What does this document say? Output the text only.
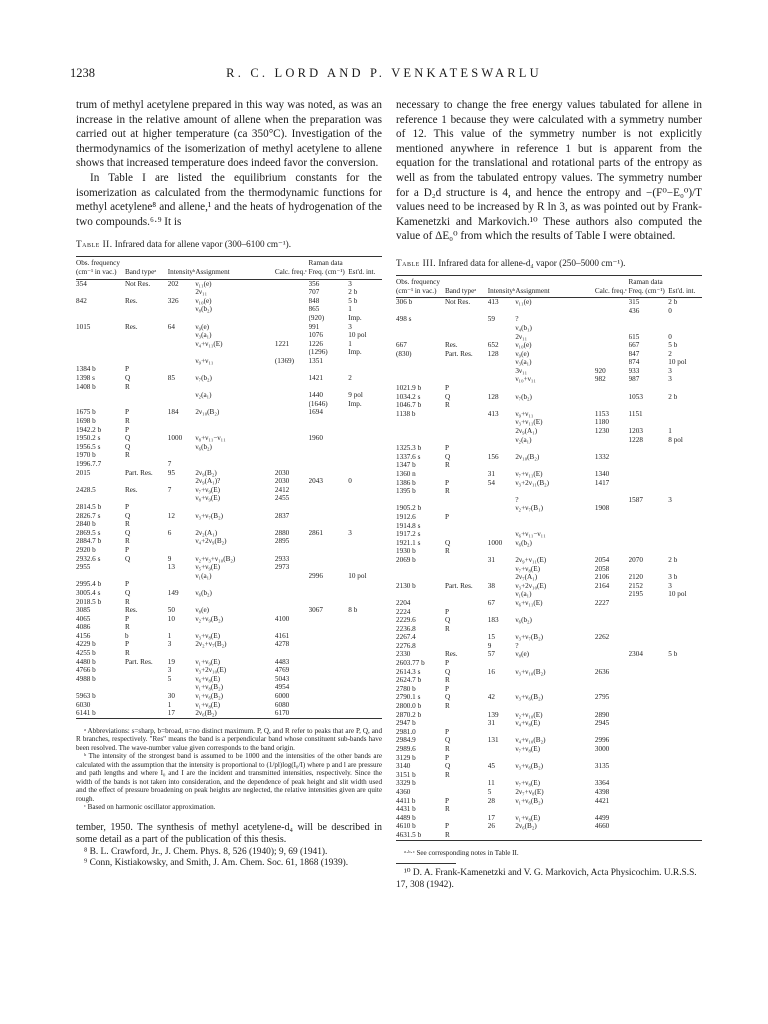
1238	R. C. LORD AND P. VENKATESWARLU

trum of methyl acetylene prepared in this way was noted, as was an increase in the relative amount of allene when the preparation was carried out at higher temperature (ca 350°C). Investigation of the thermodynamics of the isomerization of methyl acetylene to allene shows that increased temperature does indeed favor the conversion.

In Table I are listed the equilibrium constants for the isomerization as calculated from the thermodynamic functions for methyl acetylene⁸ and allene,¹ and the heats of hydrogenation of the two compounds.⁶·⁹ It is

Table II. Infrared data for allene vapor (300–6100 cm⁻¹).
Obs. frequency (cm⁻¹ in vac.)	Band typeᵃ	Intensityᵇ	Assignment	Calc. freq.ᶜ	Raman data Freq. (cm⁻¹)	Est'd. int.
354	Not Res.	202	ν₁₁(e)		356	3
			2ν₁₁		707	2 b
842	Res.	326	ν₁₀(e)		848	5 b
			ν₈(b₂)		865	1
					(920)	Imp.
1015	Res.	64	ν₉(e)		991	3
			ν₃(a₁)		1076	10 pol
			ν₄+ν₁₁(E)	1221	1226	1
					(1296)	Imp.
			ν₉+ν₁₁	(1369)	1351	
1384 b	P					
1398 s	Q	85	ν₇(b₂)		1421	2
1408 b	R					
			ν₂(a₁)		1440	9 pol
					(1646)	Imp.
1675 b	P	184	2ν₁₀(B₂)		1694	
1698 b	R					
1942.2 b	P					
1950.2 s	Q	1000	ν₈+ν₁₁−ν₁₁		1960	
1956.5 s	Q		ν₆(b₂)			
1970 b	R					
1996.7.7		7				
2015	Part. Res.	95	2ν₉(B₂)	2030		
			2ν₉(A₁)?	2030	2043	0
2428.5	Res.	7	ν₇+ν₉(E)	2412		
			ν₈+ν₉(E)	2455		
2814.5 b	P					
2826.7 s	Q	12	ν₃+ν₇(B₂)	2837		
2840 b	R					
2869.5 s	Q	6	2ν₂(A₁)	2880	2861	3
2884.7 b	R		ν₄+2ν₉(B₂)	2895		
2920 b	P					
2932.6 s	Q	9	ν₂+ν₃+ν₁₀(B₂)	2933		
2955		13	ν₅+ν₉(E)	2973		
			ν₁(a₁)		2996	10 pol
2995.4 b	P					
3005.4 s	Q	149	ν₆(b₂)			
2018.5 b	R					
3085	Res.	50	ν₈(e)		3067	8 b
4065	P	10	ν₂+ν₉(B₂)	4100		
4086	R					
4156	b	1	ν₃+ν₈(E)	4161		
4229 b	P	3	2ν₂+ν₇(B₂)	4278		
4255 b	R					
4480 b	Part. Res.	19	ν₁+ν₉(E)	4483		
4766 b		3	ν₃+2ν₁₀(E)	4769		
4988 b		5	ν₆+ν₈(E)	5043		
			ν₁+ν₈(B₂)	4954		
5963 b		30	ν₁+ν₆(B₂)	6000		
6030		1	ν₁+ν₈(E)	6080		
6141 b		17	2ν₆(B₂)	6170		

ᵃ Abbreviations: s=sharp, b=broad, n=no distinct maximum. P, Q, and R refer to peaks that are P, Q, and R branches, respectively. "Res" means the band is a perpendicular band whose constituent sub-bands have been resolved. The wave-number value given corresponds to the band origin.

ᵇ The intensity of the strongest band is assumed to be 1000 and the intensities of the other bands are calculated with the assumption that the intensity is proportional to (1/pl)log(I₀/I) where p and l are pressure and path lengths and where I₀ and I are the incident and transmitted intensities, respectively. Since the width of the bands is not taken into consideration, and the dependence of peak height and slit width used and the effect of pressure broadening on peak heights are neglected, the relative intensities given are quite rough.

ᶜ Based on harmonic oscillator approximation.

tember, 1950. The synthesis of methyl acetylene-d₄ will be described in some detail as a part of the publication of this thesis.

⁸ B. L. Crawford, Jr., J. Chem. Phys. 8, 526 (1940); 9, 69 (1941).

⁹ Conn, Kistiakowsky, and Smith, J. Am. Chem. Soc. 61, 1868 (1939).

necessary to change the free energy values tabulated for allene in reference 1 because they were calculated with a symmetry number of 12. This value of the symmetry number is not explicitly mentioned anywhere in reference 1 but is apparent from the equation for the translational and rotational parts of the entropy as well as from the tabulated entropy values. The symmetry number for a D₂d structure is 4, and hence the entropy and −(F⁰−E₀⁰)/T values need to be increased by R ln 3, as was pointed out by Frank-Kamenetzki and Markovich.¹⁰ These authors also computed the value of ΔE₀⁰ from which the results of Table I were obtained.

Table III. Infrared data for allene-d₄ vapor (250–5000 cm⁻¹).
Obs. frequency (cm⁻¹ in vac.)	Band typeᵃ	Intensityᵇ	Assignment	Calc. freq.ᶜ	Raman data Freq. (cm⁻¹)	Est'd. int.
306 b	Not Res.	413	ν₁₁(e)		315	2 b
					436	0
498 s		59	?			
			ν₄(b₁)			
			2ν₁₁		615	0
667	Res.	652	ν₁₀(e)		667	5 b
(830)	Part. Res.	128	ν₉(e)		847	2
			ν₃(a₁)		874	10 pol
			3ν₁₁	920	933	3
			ν₁₀+ν₁₁	982	987	3
1021.9 b	P					
1034.2 s	Q	128	ν₇(b₂)		1053	2 b
1046.7 b	R					
1138 b		413	ν₉+ν₁₁	1153	1151	
			ν₃+ν₁₁(E)	1180		
			2ν₉(A₁)	1230	1203	1
			ν₂(a₁)		1228	8 pol
1325.3 b	P					
1337.6 s	Q	156	2ν₁₀(B₂)	1332		
1347 b	R					
1360 n		31	ν₇+ν₁₁(E)	1340		
1386 b	P	54	ν₃+2ν₁₁(B₂)	1417		
1395 b	R					
			?		1587	3
1905.2 b			ν₂+ν₇(B₁)	1908		
1912.6	P					
1914.8 s						
1917.2 s			ν₆+ν₁₁−ν₁₁			
1921.1 s	Q	1000	ν₆(b₂)			
1930 b	R					
2069 b		31	2ν₉+ν₁₁(E)	2054	2070	2 b
			ν₇+ν₈(E)	2058		
			2ν₇(A₁)	2106	2120	3 b
2130 b	Part. Res.	38	ν₃+2ν₁₀(E)	2164	2152	3
			ν₁(a₁)		2195	10 pol
2204		67	ν₆+ν₁₁(E)	2227		
2224	P					
2229.6	Q	183	ν₆(b₂)			
2236.8	R					
2267.4		15	ν₃+ν₇(B₂)	2262		
2276.8		9	?			
2330	Res.	57	ν₈(e)		2304	5 b
2603.77 b	P					
2614.3 s	Q	16	ν₃+ν₁₀(B₂)	2636		
2624.7 b	R					
2780 b	P					
2790.1 s	Q	42	ν₃+ν₆(B₂)	2795		
2800.0 b	R					
2870.2 b		139	ν₂+ν₁₀(E)	2890		
2947 b		31	ν₄+ν₈(E)	2945		
2981.0	P					
2984.9	Q	131	ν₄+ν₁₀(B₂)	2996		
2989.6	R		ν₇+ν₈(E)	3000		
3129 b	P					
3140	Q	45	ν₃+ν₆(B₂)	3135		
3151 b	R					
3329 b		11	ν₇+ν₈(E)	3364		
4360		5	2ν₇+ν₈(E)	4398		
4411 b	P	28	ν₁+ν₆(B₂)	4421		
4431 b	R					
4489 b		17	ν₁+ν₈(E)	4499		
4610 b	P	26	2ν₆(B₂)	4660		
4631.5 b	R					

ᵃ·ᵇ·ᶜ See corresponding notes in Table II.

¹⁰ D. A. Frank-Kamenetzki and V. G. Markovich, Acta Physicochim. U.R.S.S. 17, 308 (1942).
